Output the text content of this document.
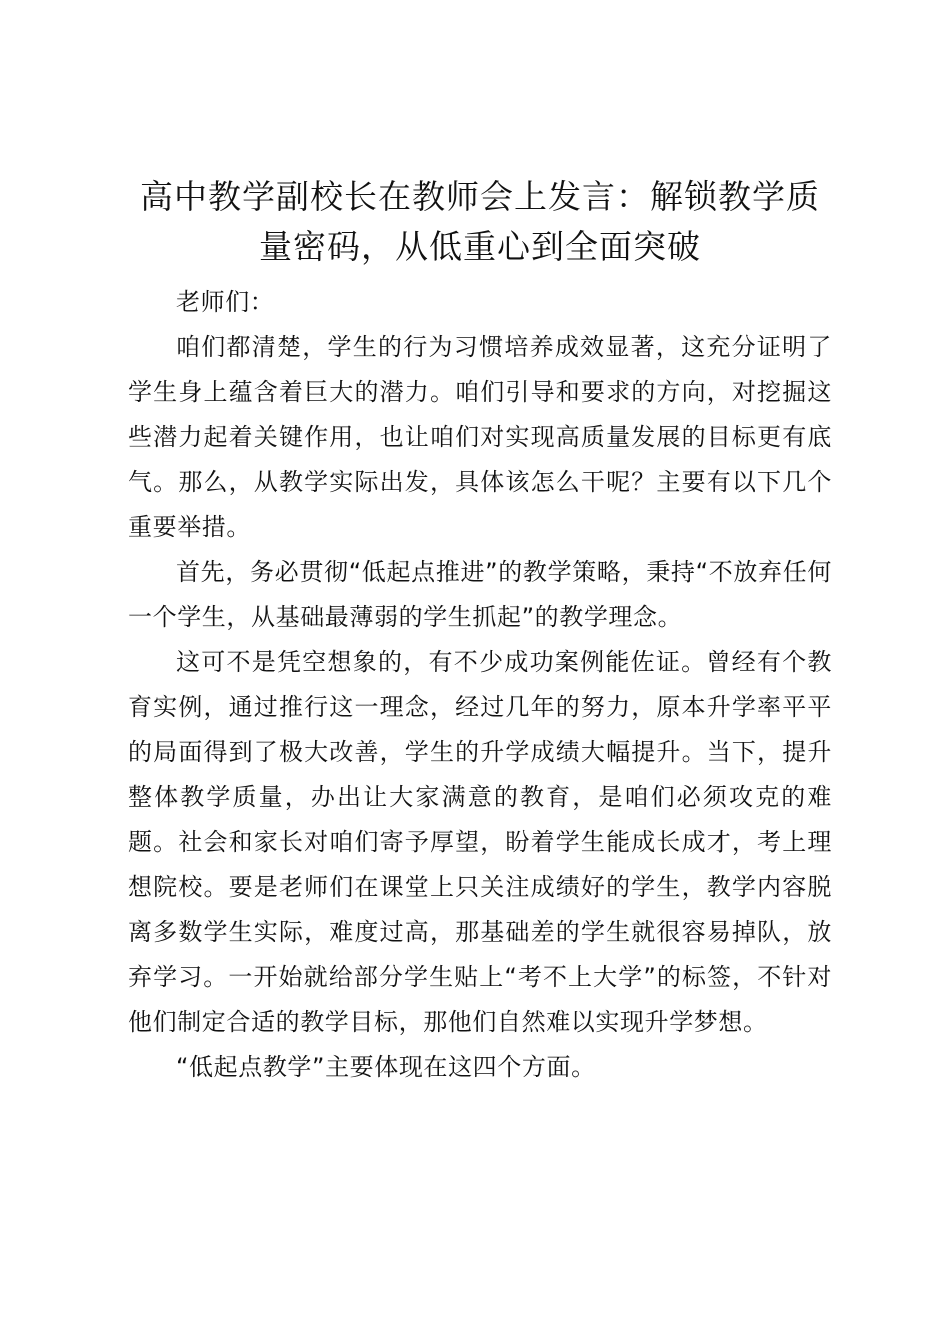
高中教学副校长在教师会上发言：解锁教学质量密码，从低重心到全面突破

老师们：

咱们都清楚，学生的行为习惯培养成效显著，这充分证明了学生身上蕴含着巨大的潜力。咱们引导和要求的方向，对挖掘这些潜力起着关键作用，也让咱们对实现高质量发展的目标更有底气。那么，从教学实际出发，具体该怎么干呢？主要有以下几个重要举措。

首先，务必贯彻“低起点推进”的教学策略，秉持“不放弃任何一个学生，从基础最薄弱的学生抓起”的教学理念。

这可不是凭空想象的，有不少成功案例能佐证。曾经有个教育实例，通过推行这一理念，经过几年的努力，原本升学率平平的局面得到了极大改善，学生的升学成绩大幅提升。当下，提升整体教学质量，办出让大家满意的教育，是咱们必须攻克的难题。社会和家长对咱们寄予厚望，盼着学生能成长成才，考上理想院校。要是老师们在课堂上只关注成绩好的学生，教学内容脱离多数学生实际，难度过高，那基础差的学生就很容易掉队，放弃学习。一开始就给部分学生贴上“考不上大学”的标签，不针对他们制定合适的教学目标，那他们自然难以实现升学梦想。

“低起点教学”主要体现在这四个方面。
